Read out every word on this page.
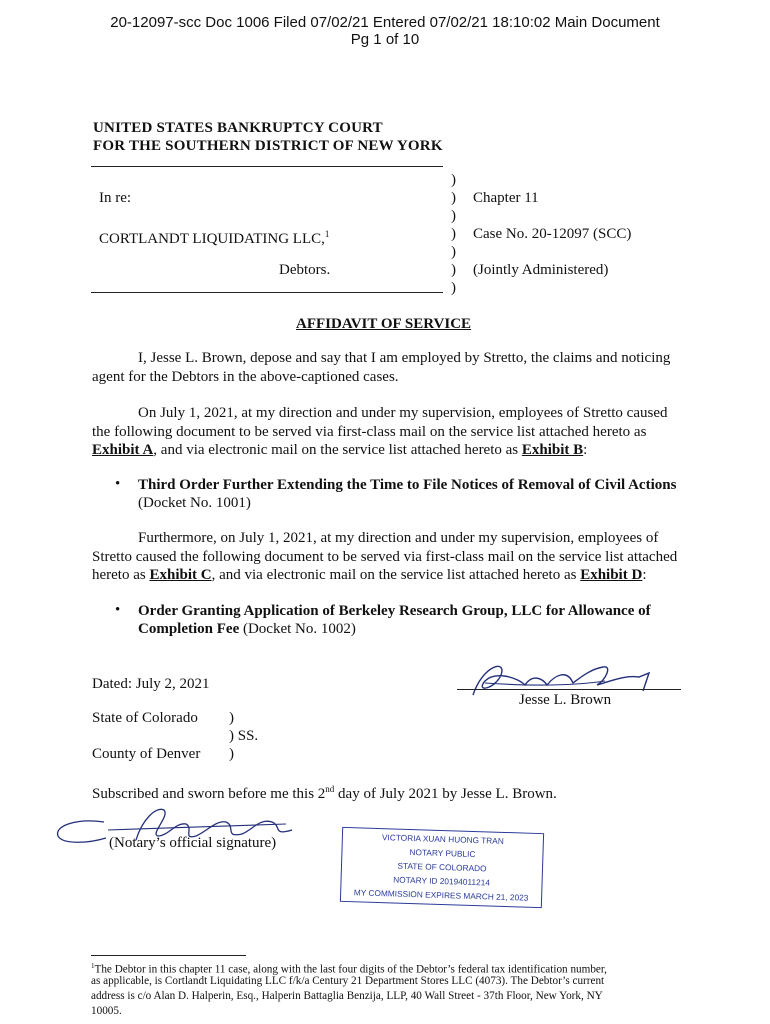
20-12097-scc Doc 1006 Filed 07/02/21 Entered 07/02/21 18:10:02 Main Document
Pg 1 of 10
UNITED STATES BANKRUPTCY COURT
FOR THE SOUTHERN DISTRICT OF NEW YORK
In re:
CORTLANDT LIQUIDATING LLC,$^1$
Debtors.
)
)
)
)
)
)
)
Chapter 11
Case No. 20-12097 (SCC)
(Jointly Administered)
AFFIDAVIT OF SERVICE
I, Jesse L. Brown, depose and say that I am employed by Stretto, the claims and noticing
agent for the Debtors in the above-captioned cases.
On July 1, 2021, at my direction and under my supervision, employees of Stretto caused
the following document to be served via first-class mail on the service list attached hereto as
Exhibit A, and via electronic mail on the service list attached hereto as Exhibit B:
• Third Order Further Extending the Time to File Notices of Removal of Civil Actions
(Docket No. 1001)
Furthermore, on July 1, 2021, at my direction and under my supervision, employees of
Stretto caused the following document to be served via first-class mail on the service list attached
hereto as Exhibit C, and via electronic mail on the service list attached hereto as Exhibit D:
• Order Granting Application of Berkeley Research Group, LLC for Allowance of
Completion Fee (Docket No. 1002)
Dated: July 2, 2021
Jesse L. Brown
State of Colorado )
) SS.
County of Denver )
Subscribed and sworn before me this 2nd day of July 2021 by Jesse L. Brown.
(Notary’s official signature)	VICTORIA XUAN HUONG TRAN
NOTARY PUBLIC
STATE OF COLORADO
NOTARY ID 20194011214
MY COMMISSION EXPIRES MARCH 21, 2023
$^1$The Debtor in this chapter 11 case, along with the last four digits of the Debtor’s federal tax identification number,
as applicable, is Cortlandt Liquidating LLC f/k/a Century 21 Department Stores LLC (4073). The Debtor’s current
address is c/o Alan D. Halperin, Esq., Halperin Battaglia Benzija, LLP, 40 Wall Street - 37th Floor, New York, NY
10005.
